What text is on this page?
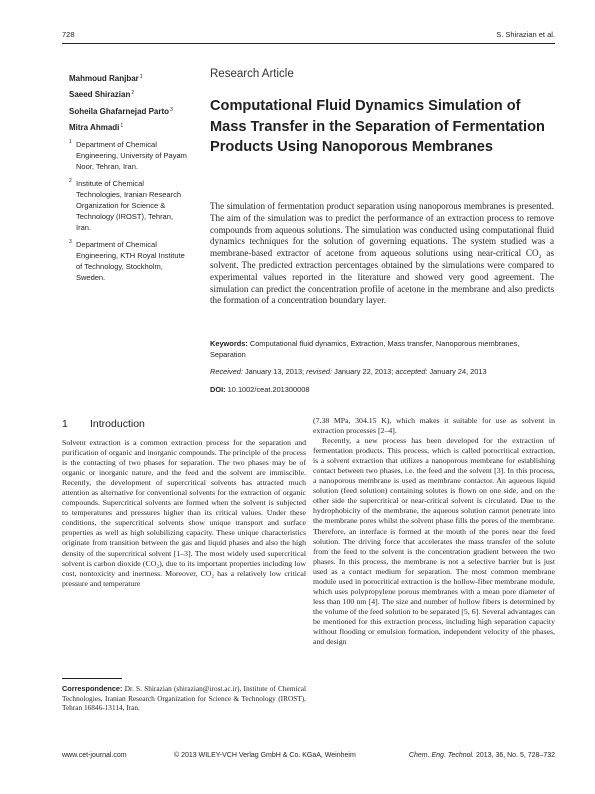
728	S. Shirazian et al.
Mahmoud Ranjbar$^1$
Saeed Shirazian$^2$
Soheila Ghafarnejad Parto$^3$
Mitra Ahmadi$^1$
1 Department of Chemical Engineering, University of Payam Noor, Tehran, Iran.
2 Institute of Chemical Technologies, Iranian Research Organization for Science & Technology (IROST), Tehran, Iran.
3 Department of Chemical Engineering, KTH Royal Institute of Technology, Stockholm, Sweden.
Research Article
Computational Fluid Dynamics Simulation of Mass Transfer in the Separation of Fermentation Products Using Nanoporous Membranes

The simulation of fermentation product separation using nanoporous membranes is presented. The aim of the simulation was to predict the performance of an extraction process to remove compounds from aqueous solutions. The simulation was conducted using computational fluid dynamics techniques for the solution of governing equations. The system studied was a membrane-based extractor of acetone from aqueous solutions using near-critical CO₂ as solvent. The predicted extraction percentages obtained by the simulations were compared to experimental values reported in the literature and showed very good agreement. The simulation can predict the concentration profile of acetone in the membrane and also predicts the formation of a concentration boundary layer.

Keywords: Computational fluid dynamics, Extraction, Mass transfer, Nanoporous membranes, Separation
Received: January 13, 2013; revised: January 22, 2013; accepted: January 24, 2013
DOI: 10.1002/ceat.201300008
1 Introduction

Solvent extraction is a common extraction process for the separation and purification of organic and inorganic compounds. The principle of the process is the contacting of two phases for separation. The two phases may be of organic or inorganic nature, and the feed and the solvent are immiscible. Recently, the development of supercritical solvents has attracted much attention as alternative for conventional solvents for the extraction of organic compounds. Supercritical solvents are formed when the solvent is subjected to temperatures and pressures higher than its critical values. Under these conditions, the supercritical solvents show unique transport and surface properties as well as high solubilizing capacity. These unique characteristics originate from transition between the gas and liquid phases and also the high density of the supercritical solvent [1–3]. The most widely used supercritical solvent is carbon dioxide (CO₂), due to its important properties including low cost, nontoxicity and inertness. Moreover, CO₂ has a relatively low critical pressure and temperature

(7.38 MPa, 304.15 K), which makes it suitable for use as solvent in extraction processes [2–4].

Recently, a new process has been developed for the extraction of fermentation products. This process, which is called porocritical extraction, is a solvent extraction that utilizes a nanoporous membrane for establishing contact between two phases, i.e. the feed and the solvent [3]. In this process, a nanoporous membrane is used as membrane contactor. An aqueous liquid solution (feed solution) containing solutes is flown on one side, and on the other side the supercritical or near-critical solvent is circulated. Due to the hydrophobicity of the membrane, the aqueous solution cannot penetrate into the membrane pores whilst the solvent phase fills the pores of the membrane. Therefore, an interface is formed at the mouth of the pores near the feed solution. The driving force that accelerates the mass transfer of the solute from the feed to the solvent is the concentration gradient between the two phases. In this process, the membrane is not a selective barrier but is just used as a contact medium for separation. The most common membrane module used in porocritical extraction is the hollow-fiber membrane module, which uses polypropylene porous membranes with a mean pore diameter of less than 100 nm [4]. The size and number of hollow fibers is determined by the volume of the feed solution to be separated [5, 6]. Several advantages can be mentioned for this extraction process, including high separation capacity without flooding or emulsion formation, independent velocity of the phases, and design

Correspondence: Dr. S. Shirazian (shirazian@irost.ac.ir), Institute of Chemical Technologies, Iranian Research Organization for Science & Technology (IROST), Tehran 16846-13114, Iran.

www.cet-journal.com	© 2013 WILEY-VCH Verlag GmbH & Co. KGaA, Weinheim	Chem. Eng. Technol. 2013, 36, No. 5, 728–732
